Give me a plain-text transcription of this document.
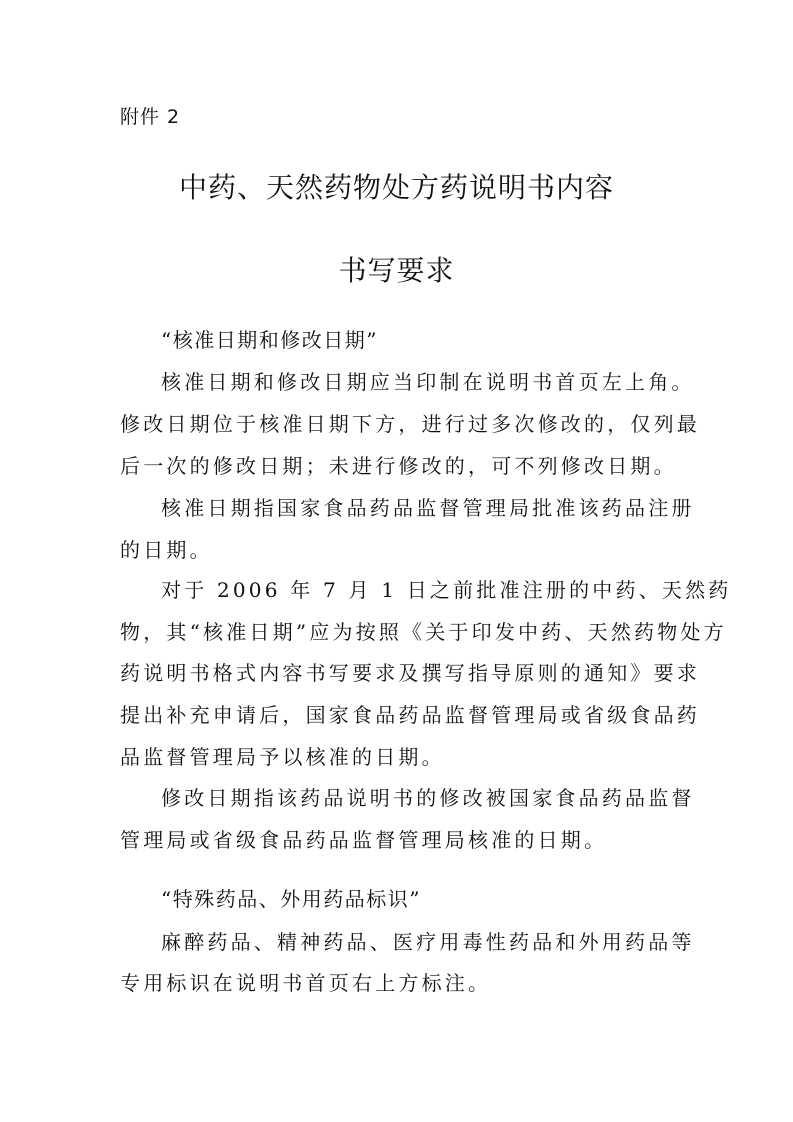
附件 2
中药、天然药物处方药说明书内容
书写要求
“核准日期和修改日期”
核准日期和修改日期应当印制在说明书首页左上角。
修改日期位于核准日期下方，进行过多次修改的，仅列最
后一次的修改日期；未进行修改的，可不列修改日期。
核准日期指国家食品药品监督管理局批准该药品注册
的日期。
对于 2006 年 7 月 1 日之前批准注册的中药、天然药
物，其“核准日期”应为按照《关于印发中药、天然药物处方
药说明书格式内容书写要求及撰写指导原则的通知》要求
提出补充申请后，国家食品药品监督管理局或省级食品药
品监督管理局予以核准的日期。
修改日期指该药品说明书的修改被国家食品药品监督
管理局或省级食品药品监督管理局核准的日期。
“特殊药品、外用药品标识”
麻醉药品、精神药品、医疗用毒性药品和外用药品等
专用标识在说明书首页右上方标注。
